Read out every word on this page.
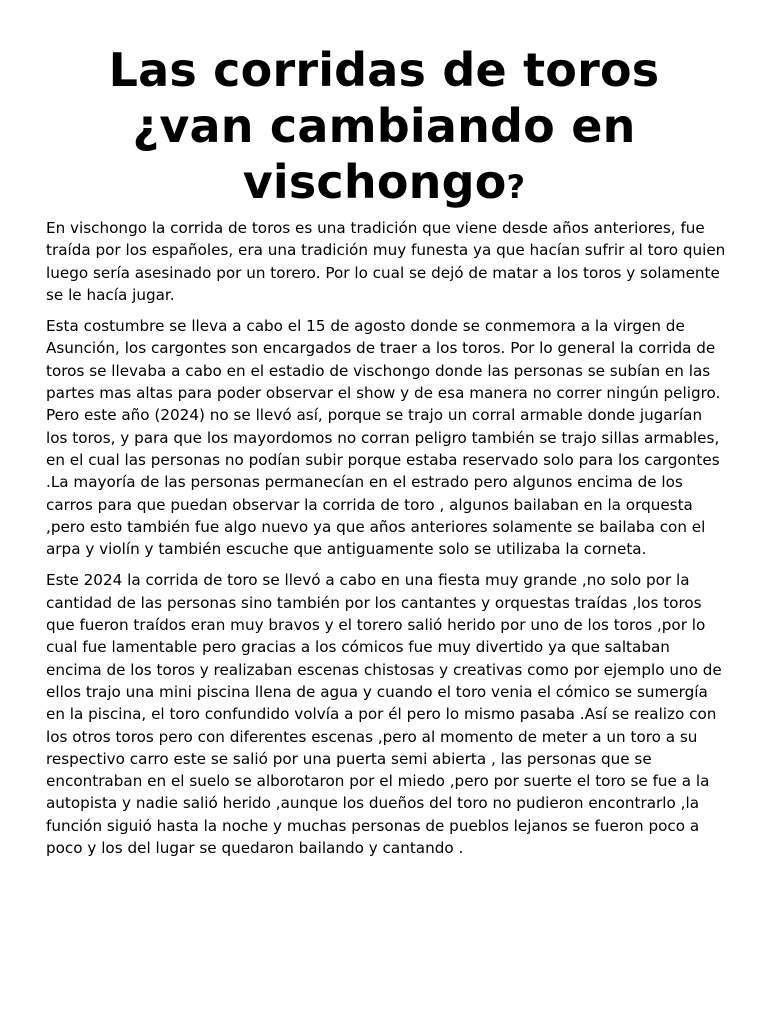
Las corridas de toros ¿van cambiando en vischongo?

En vischongo la corrida de toros es una tradición que viene desde años anteriores, fue traída por los españoles, era una tradición muy funesta ya que hacían sufrir al toro quien luego sería asesinado por un torero. Por lo cual se dejó de matar a los toros y solamente se le hacía jugar.

Esta costumbre se lleva a cabo el 15 de agosto donde se conmemora a la virgen de Asunción, los cargontes son encargados de traer a los toros. Por lo general la corrida de toros se llevaba a cabo en el estadio de vischongo donde las personas se subían en las partes mas altas para poder observar el show y de esa manera no correr ningún peligro. Pero este año (2024) no se llevó así, porque se trajo un corral armable donde jugarían los toros, y para que los mayordomos no corran peligro también se trajo sillas armables, en el cual las personas no podían subir porque estaba reservado solo para los cargontes .La mayoría de las personas permanecían en el estrado pero algunos encima de los carros para que puedan observar la corrida de toro , algunos bailaban en la orquesta ,pero esto también fue algo nuevo ya que años anteriores solamente se bailaba con el arpa y violín y también escuche que antiguamente solo se utilizaba la corneta.

Este 2024 la corrida de toro se llevó a cabo en una fiesta muy grande ,no solo por la cantidad de las personas sino también por los cantantes y orquestas traídas ,los toros que fueron traídos eran muy bravos y el torero salió herido por uno de los toros ,por lo cual fue lamentable pero gracias a los cómicos fue muy divertido ya que saltaban encima de los toros y realizaban escenas chistosas y creativas como por ejemplo uno de ellos trajo una mini piscina llena de agua y cuando el toro venia el cómico se sumergía en la piscina, el toro confundido volvía a por él pero lo mismo pasaba .Así se realizo con los otros toros pero con diferentes escenas ,pero al momento de meter a un toro a su respectivo carro este se salió por una puerta semi abierta , las personas que se encontraban en el suelo se alborotaron por el miedo ,pero por suerte el toro se fue a la autopista y nadie salió herido ,aunque los dueños del toro no pudieron encontrarlo ,la función siguió hasta la noche y muchas personas de pueblos lejanos se fueron poco a poco y los del lugar se quedaron bailando y cantando .
